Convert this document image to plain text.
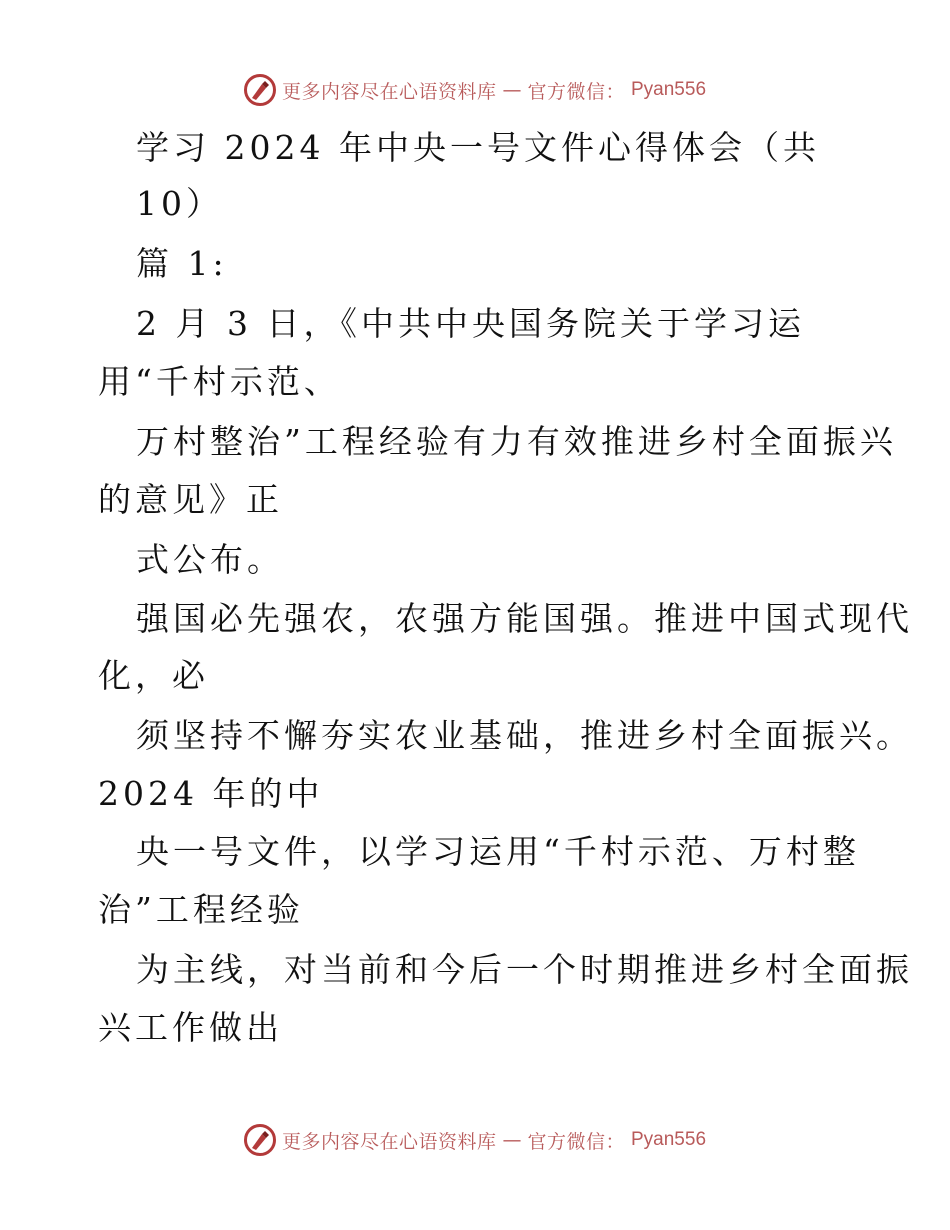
更多内容尽在心语资料库 — 官方微信： Pyan556
学习 2024 年中央一号文件心得体会（共
10）
篇 1:
2 月 3 日，《中共中央国务院关于学习运
用“千村示范、
万村整治”工程经验有力有效推进乡村全面振兴
的意见》正
式公布。
强国必先强农，农强方能国强。推进中国式现代
化，必
须坚持不懈夯实农业基础，推进乡村全面振兴。
2024 年的中
央一号文件，以学习运用“千村示范、万村整
治”工程经验
为主线，对当前和今后一个时期推进乡村全面振
兴工作做出
更多内容尽在心语资料库 — 官方微信： Pyan556
